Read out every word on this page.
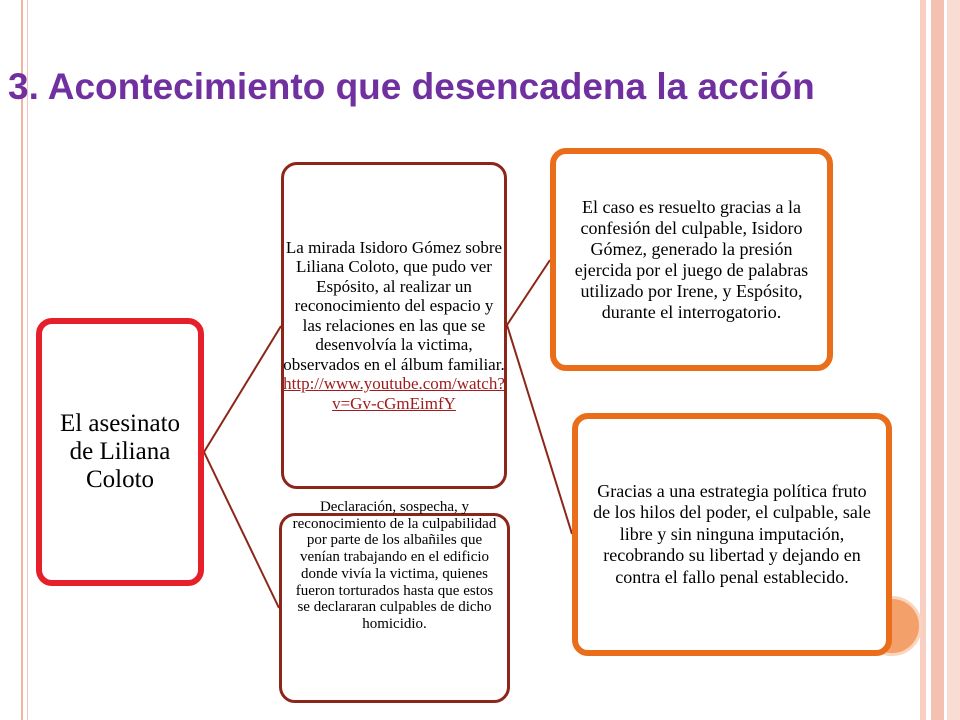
3. Acontecimiento que desencadena la acción
El asesinato de Liliana Coloto
La mirada Isidoro Gómez sobre Liliana Coloto, que pudo ver Espósito, al realizar un reconocimiento del espacio y las relaciones en las que se desenvolvía la victima, observados en el álbum familiar.
http://www.youtube.com/watch?v=Gv-cGmEimfY
Declaración, sospecha, y reconocimiento de la culpabilidad por parte de los albañiles que venían trabajando en el edificio donde vivía la victima, quienes fueron torturados hasta que estos se declararan culpables de dicho homicidio.
El caso es resuelto gracias a la confesión del culpable, Isidoro Gómez, generado la presión ejercida por el juego de palabras utilizado por Irene, y Espósito, durante el interrogatorio.
Gracias a una estrategia política fruto de los hilos del poder, el culpable, sale libre y sin ninguna imputación, recobrando su libertad y dejando en contra el fallo penal establecido.
